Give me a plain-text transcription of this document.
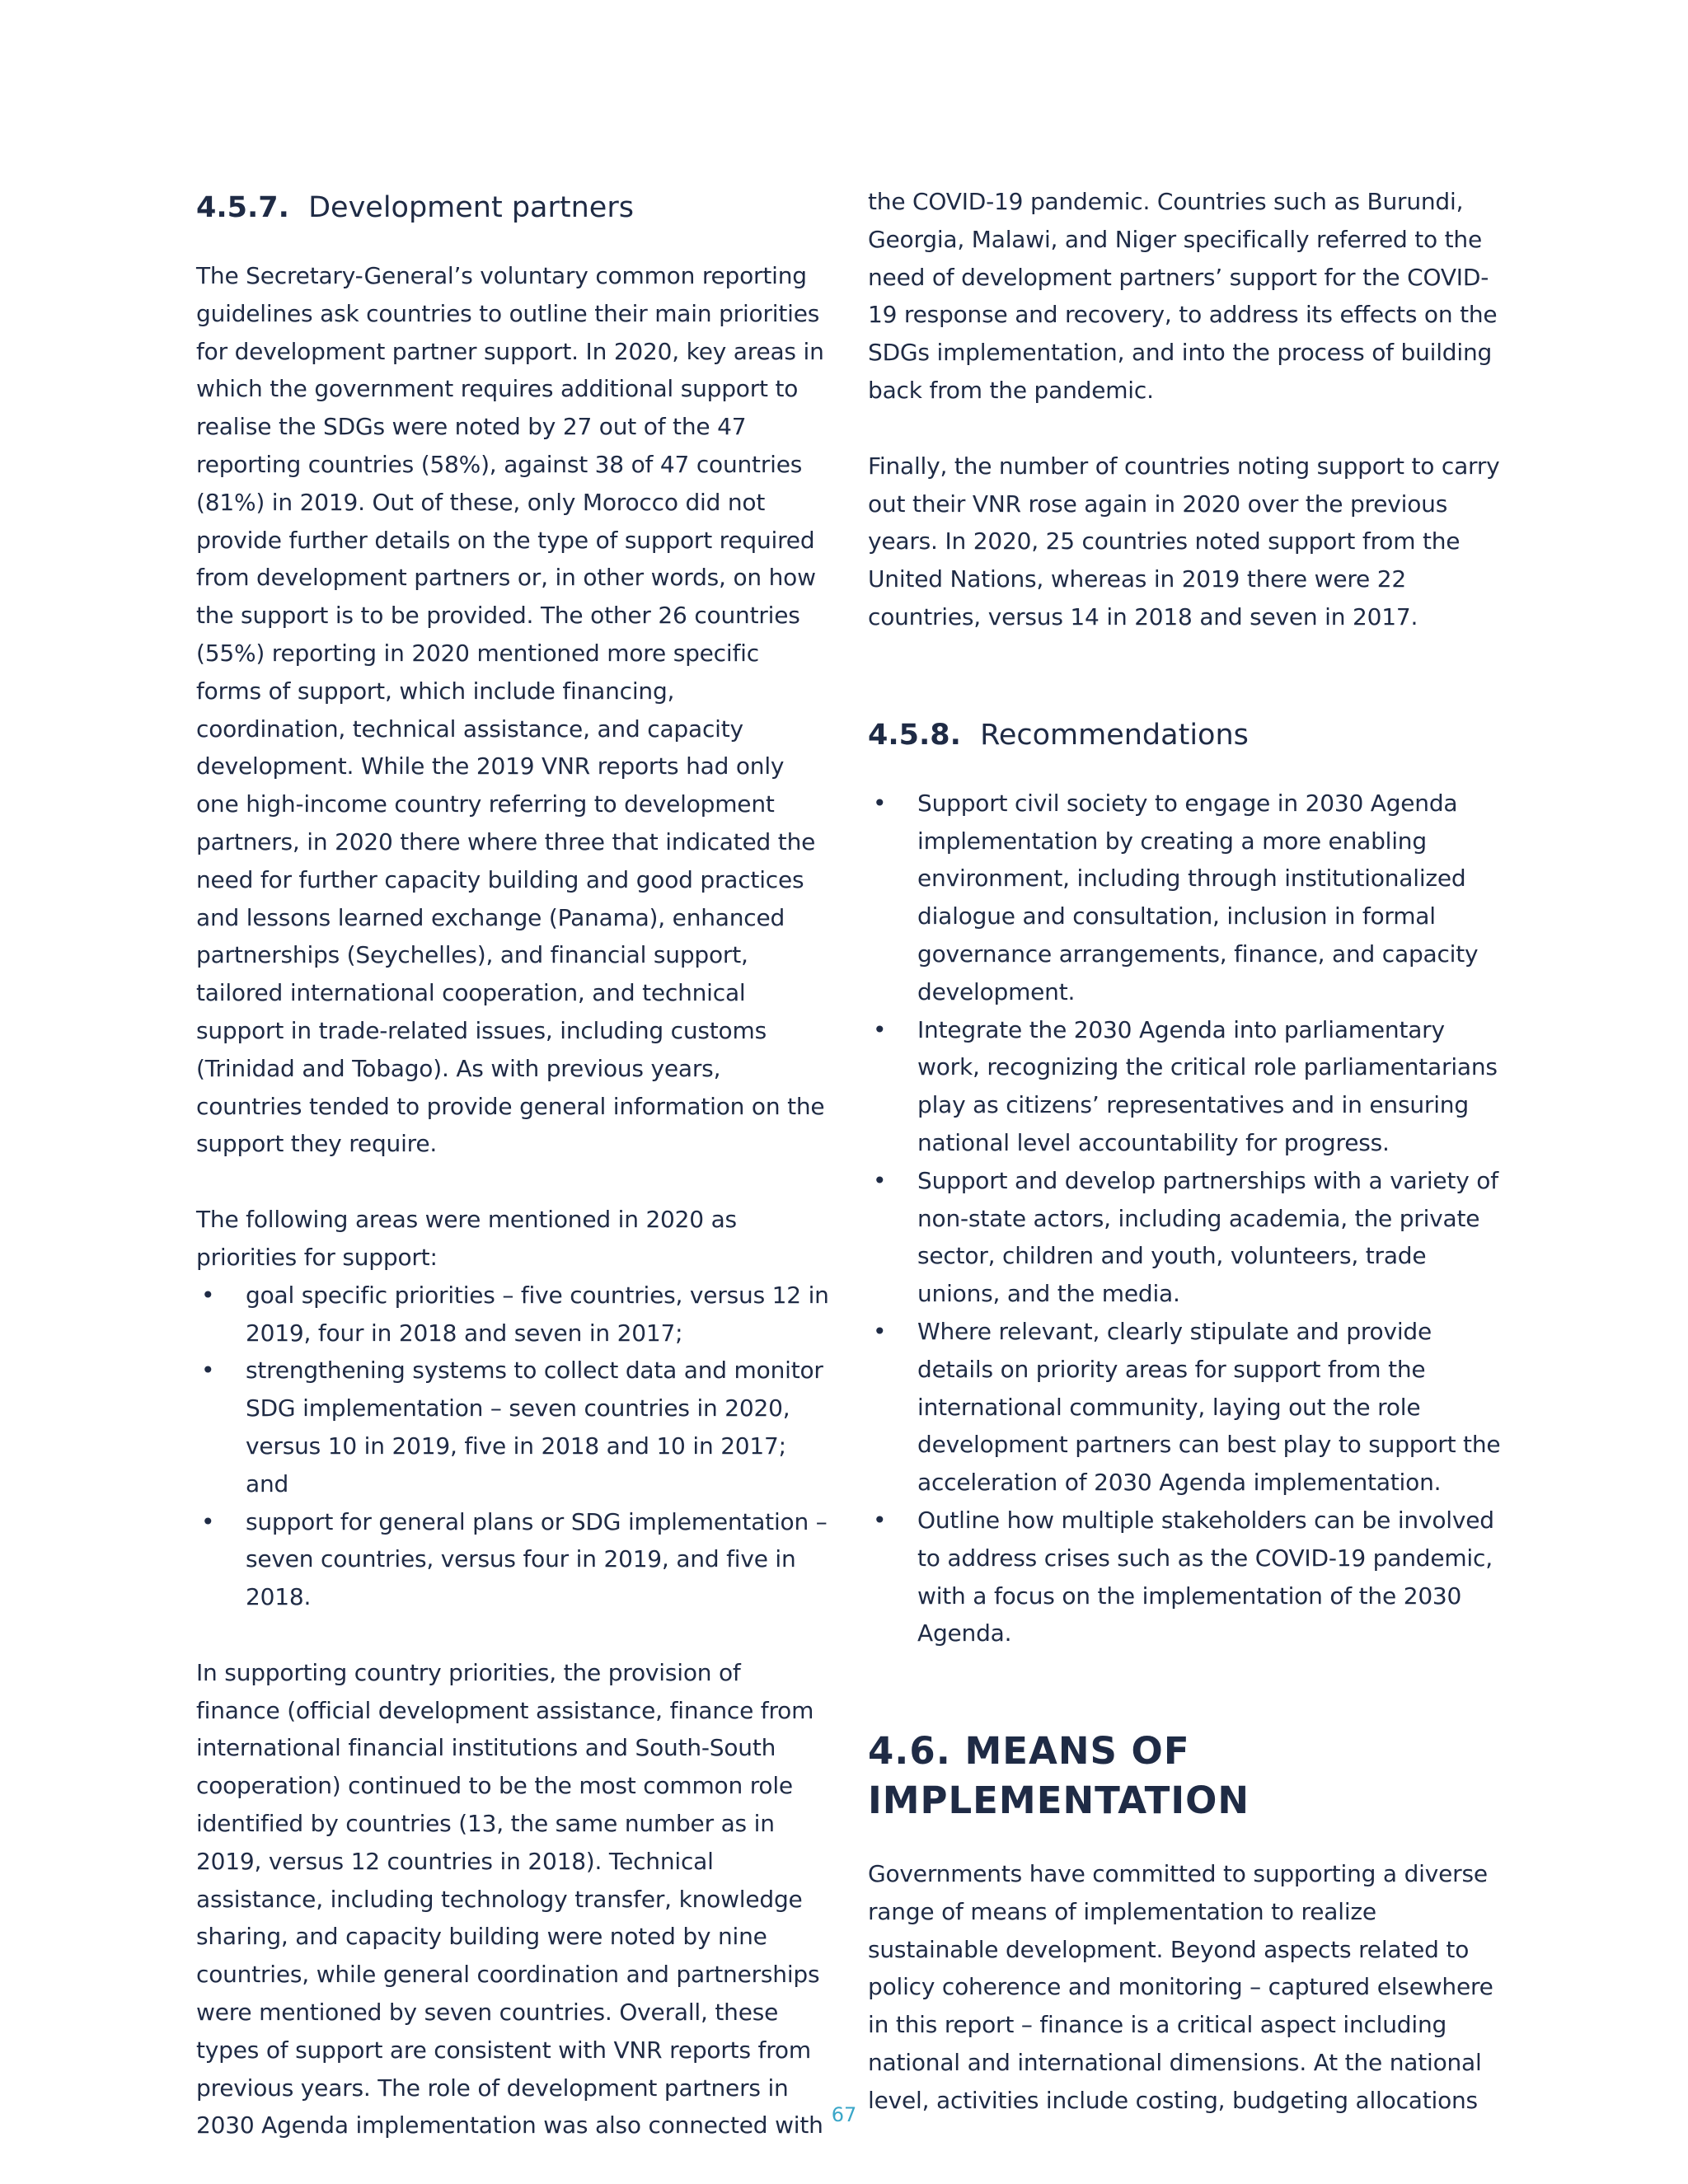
4.5.7. Development partners

The Secretary-General’s voluntary common reporting guidelines ask countries to outline their main priorities for development partner support. In 2020, key areas in which the government requires additional support to realise the SDGs were noted by 27 out of the 47 reporting countries (58%), against 38 of 47 countries (81%) in 2019. Out of these, only Morocco did not provide further details on the type of support required from development partners or, in other words, on how the support is to be provided. The other 26 countries (55%) reporting in 2020 mentioned more specific forms of support, which include financing, coordination, technical assistance, and capacity development. While the 2019 VNR reports had only one high-income country referring to development partners, in 2020 there where three that indicated the need for further capacity building and good practices and lessons learned exchange (Panama), enhanced partnerships (Seychelles), and financial support, tailored international cooperation, and technical support in trade-related issues, including customs (Trinidad and Tobago). As with previous years, countries tended to provide general information on the support they require.

The following areas were mentioned in 2020 as priorities for support:

• goal specific priorities – five countries, versus 12 in 2019, four in 2018 and seven in 2017;
• strengthening systems to collect data and monitor SDG implementation – seven countries in 2020, versus 10 in 2019, five in 2018 and 10 in 2017; and
• support for general plans or SDG implementation – seven countries, versus four in 2019, and five in 2018.

In supporting country priorities, the provision of finance (official development assistance, finance from international financial institutions and South-South cooperation) continued to be the most common role identified by countries (13, the same number as in 2019, versus 12 countries in 2018). Technical assistance, including technology transfer, knowledge sharing, and capacity building were noted by nine countries, while general coordination and partnerships were mentioned by seven countries. Overall, these types of support are consistent with VNR reports from previous years. The role of development partners in 2030 Agenda implementation was also connected with

the COVID-19 pandemic. Countries such as Burundi, Georgia, Malawi, and Niger specifically referred to the need of development partners’ support for the COVID-19 response and recovery, to address its effects on the SDGs implementation, and into the process of building back from the pandemic.

Finally, the number of countries noting support to carry out their VNR rose again in 2020 over the previous years. In 2020, 25 countries noted support from the United Nations, whereas in 2019 there were 22 countries, versus 14 in 2018 and seven in 2017.

4.5.8. Recommendations
• Support civil society to engage in 2030 Agenda implementation by creating a more enabling environment, including through institutionalized dialogue and consultation, inclusion in formal governance arrangements, finance, and capacity development.
• Integrate the 2030 Agenda into parliamentary work, recognizing the critical role parliamentarians play as citizens’ representatives and in ensuring national level accountability for progress.
• Support and develop partnerships with a variety of non-state actors, including academia, the private sector, children and youth, volunteers, trade unions, and the media.
• Where relevant, clearly stipulate and provide details on priority areas for support from the international community, laying out the role development partners can best play to support the acceleration of 2030 Agenda implementation.
• Outline how multiple stakeholders can be involved to address crises such as the COVID-19 pandemic, with a focus on the implementation of the 2030 Agenda.
4.6. MEANS OF IMPLEMENTATION

Governments have committed to supporting a diverse range of means of implementation to realize sustainable development. Beyond aspects related to policy coherence and monitoring – captured elsewhere in this report – finance is a critical aspect including national and international dimensions. At the national level, activities include costing, budgeting allocations

67
